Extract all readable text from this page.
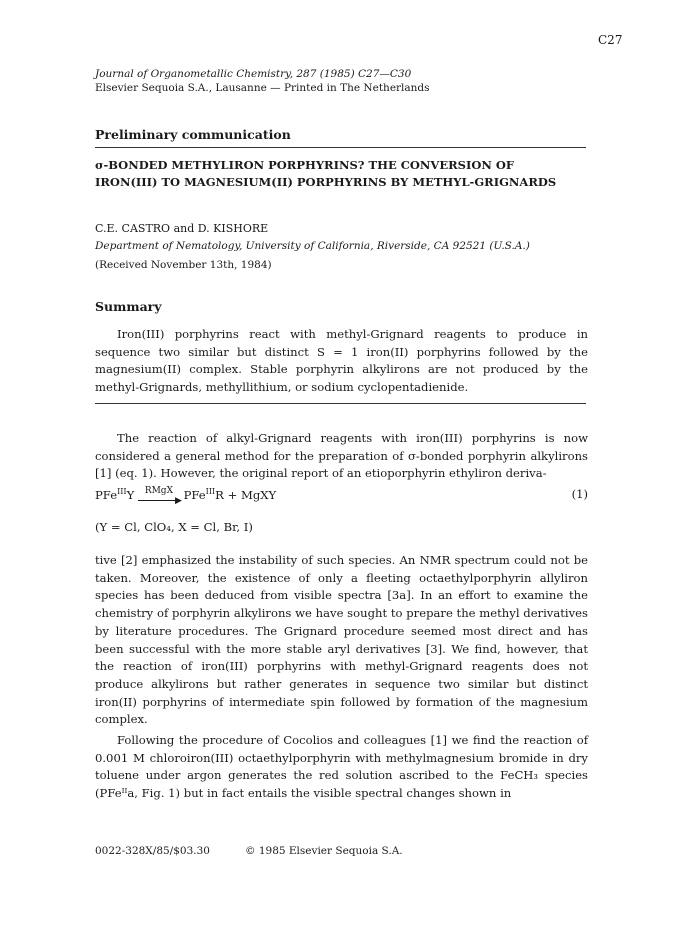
C27
Journal of Organometallic Chemistry, 287 (1985) C27—C30
Elsevier Sequoia S.A., Lausanne — Printed in The Netherlands
Preliminary communication
σ-BONDED METHYLIRON PORPHYRINS? THE CONVERSION OF
IRON(III) TO MAGNESIUM(II) PORPHYRINS BY METHYL-GRIGNARDS
C.E. CASTRO and D. KISHORE
Department of Nematology, University of California, Riverside, CA 92521 (U.S.A.)
(Received November 13th, 1984)
Summary
Iron(III) porphyrins react with methyl-Grignard reagents to produce in sequence two similar but distinct S = 1 iron(II) porphyrins followed by the magnesium(II) complex. Stable porphyrin alkylirons are not produced by the methyl-Grignards, methyllithium, or sodium cyclopentadienide.
The reaction of alkyl-Grignard reagents with iron(III) porphyrins is now considered a general method for the preparation of σ-bonded porphyrin alkylirons [1] (eq. 1). However, the original report of an etioporphyrin ethyliron deriva-
PFe$^{III}$Y $^{RMgX}$
▶ PFe$^{III}$R + MgXY	(1)
(Y = Cl, ClO₄, X = Cl, Br, I)
tive [2] emphasized the instability of such species. An NMR spectrum could not be taken. Moreover, the existence of only a fleeting octaethylporphyrin allyliron species has been deduced from visible spectra [3a]. In an effort to examine the chemistry of porphyrin alkylirons we have sought to prepare the methyl derivatives by literature procedures. The Grignard procedure seemed most direct and has been successful with the more stable aryl derivatives [3]. We find, however, that the reaction of iron(III) porphyrins with methyl-Grignard reagents does not produce alkylirons but rather generates in sequence two similar but distinct iron(II) porphyrins of intermediate spin followed by formation of the magnesium complex.
Following the procedure of Cocolios and colleagues [1] we find the reaction of 0.001 M chloroiron(III) octaethylporphyrin with methylmagnesium bromide in dry toluene under argon generates the red solution ascribed to the FeCH₃ species (PFeᴵᴵa, Fig. 1) but in fact entails the visible spectral changes shown in
0022-328X/85/$03.30	© 1985 Elsevier Sequoia S.A.
